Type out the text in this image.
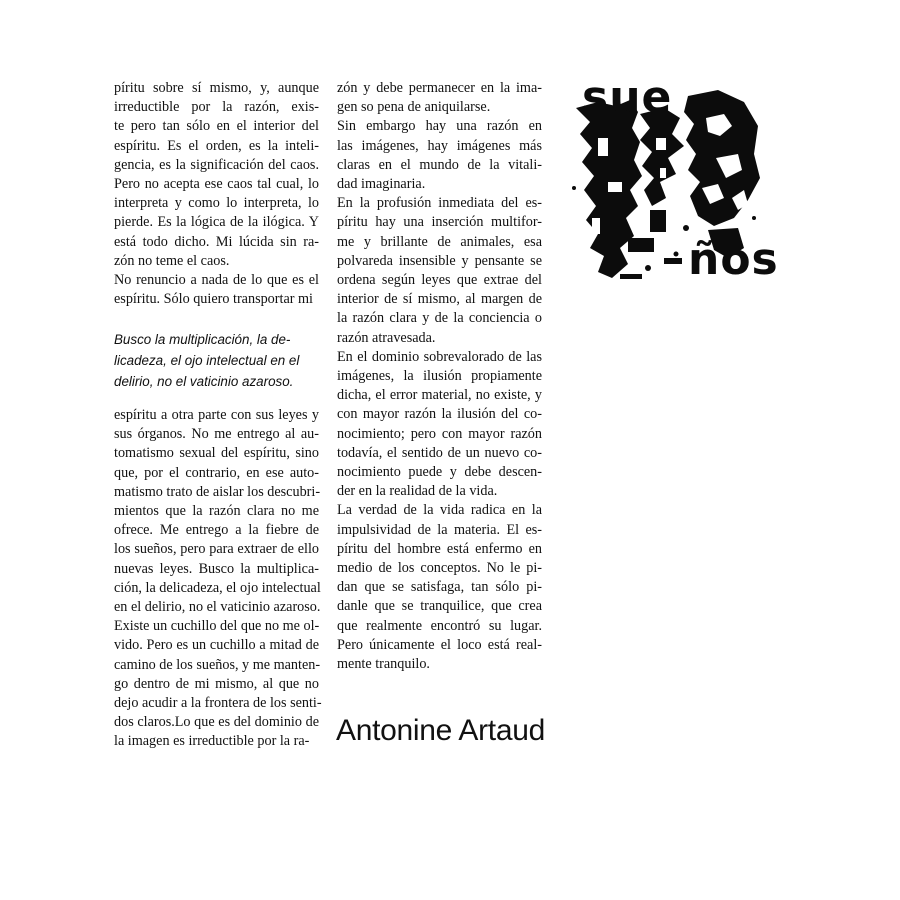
píritu sobre sí mismo, y, aunque

irreductible por la razón, exis-

te pero tan sólo en el interior del

espíritu. Es el orden, es la inteli-

gencia, es la significación del caos.

Pero no acepta ese caos tal cual, lo

interpreta y como lo interpreta, lo

pierde. Es la lógica de la ilógica. Y

está todo dicho. Mi lúcida sin ra-

zón no teme el caos.

No renuncio a nada de lo que es el

espíritu. Sólo quiero transportar mi

Busco la multiplicación, la de-

licadeza, el ojo intelectual en el

delirio, no el vaticinio azaroso.

espíritu a otra parte con sus leyes y

sus órganos. No me entrego al au-

tomatismo sexual del espíritu, sino

que, por el contrario, en ese auto-

matismo trato de aislar los descubri-

mientos que la razón clara no me

ofrece. Me entrego a la fiebre de

los sueños, pero para extraer de ello

nuevas leyes. Busco la multiplica-

ción, la delicadeza, el ojo intelectual

en el delirio, no el vaticinio azaroso.

Existe un cuchillo del que no me ol-

vido. Pero es un cuchillo a mitad de

camino de los sueños, y me manten-

go dentro de mi mismo, al que no

dejo acudir a la frontera de los senti-

dos claros.Lo que es del dominio de

la imagen es irreductible por la ra-

zón y debe permanecer en la ima-

gen so pena de aniquilarse.

Sin embargo hay una razón en

las imágenes, hay imágenes más

claras en el mundo de la vitali-

dad imaginaria.

En la profusión inmediata del es-

píritu hay una inserción multifor-

me y brillante de animales, esa

polvareda insensible y pensante se

ordena según leyes que extrae del

interior de sí mismo, al margen de

la razón clara y de la conciencia o

razón atravesada.

En el dominio sobrevalorado de las

imágenes, la ilusión propiamente

dicha, el error material, no existe, y

con mayor razón la ilusión del co-

nocimiento; pero con mayor razón

todavía, el sentido de un nuevo co-

nocimiento puede y debe descen-

der en la realidad de la vida.

La verdad de la vida radica en la

impulsividad de la materia. El es-

píritu del hombre está enfermo en

medio de los conceptos. No le pi-

dan que se satisfaga, tan sólo pi-

danle que se tranquilice, que crea

que realmente encontró su lugar.

Pero únicamente el loco está real-

mente tranquilo.

Antonine Artaud
sue
ños
